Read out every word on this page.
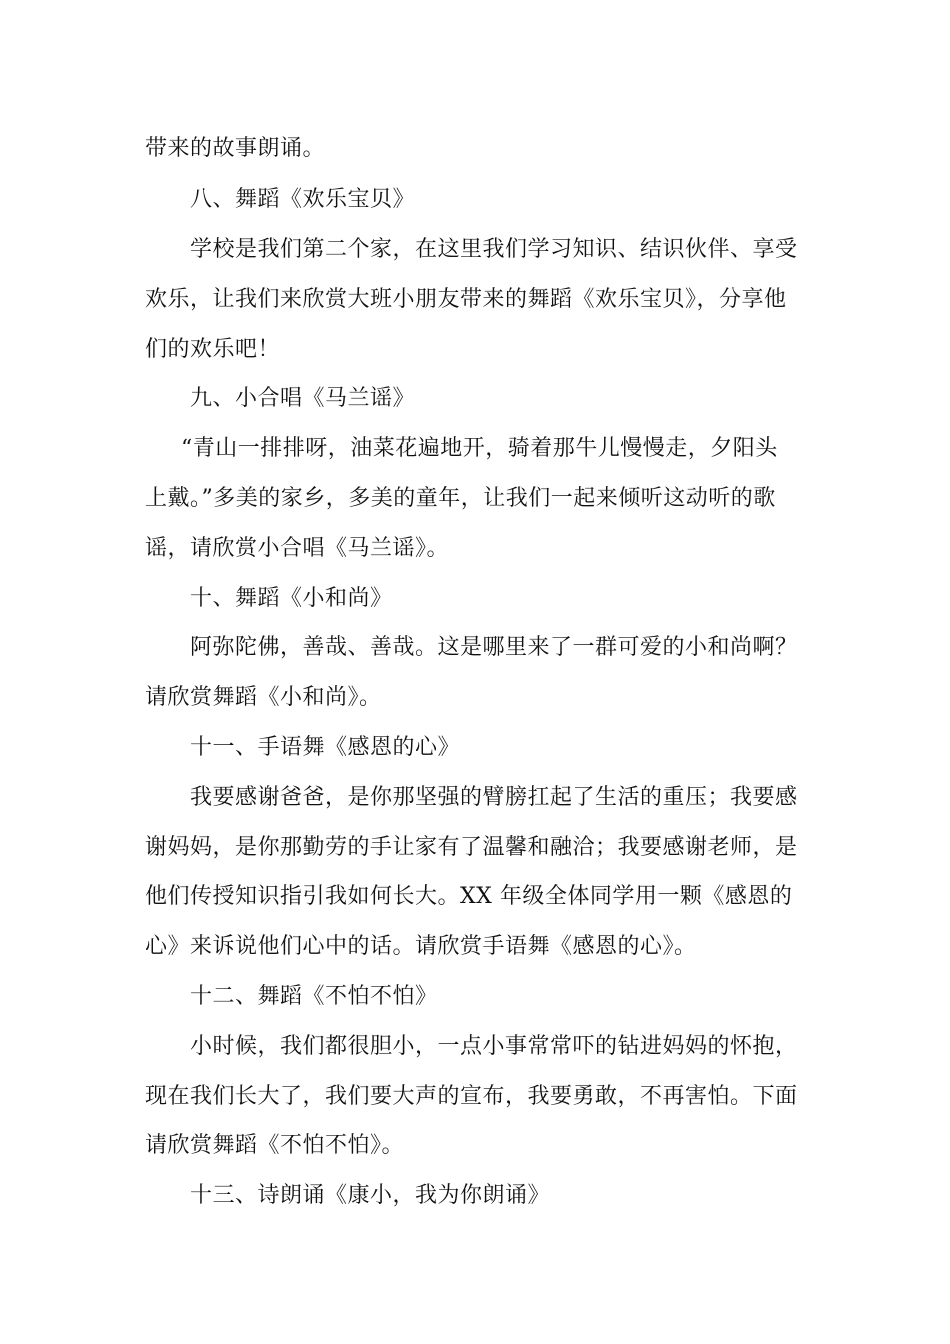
带来的故事朗诵。
八、舞蹈《欢乐宝贝》
学校是我们第二个家，在这里我们学习知识、结识伙伴、享受
欢乐，让我们来欣赏大班小朋友带来的舞蹈《欢乐宝贝》，分享他
们的欢乐吧！
九、小合唱《马兰谣》
“青山一排排呀，油菜花遍地开，骑着那牛儿慢慢走，夕阳头
上戴。”多美的家乡，多美的童年，让我们一起来倾听这动听的歌
谣，请欣赏小合唱《马兰谣》。
十、舞蹈《小和尚》
阿弥陀佛，善哉、善哉。这是哪里来了一群可爱的小和尚啊？
请欣赏舞蹈《小和尚》。
十一、手语舞《感恩的心》
我要感谢爸爸，是你那坚强的臂膀扛起了生活的重压；我要感
谢妈妈，是你那勤劳的手让家有了温馨和融洽；我要感谢老师，是
他们传授知识指引我如何长大。XX 年级全体同学用一颗《感恩的
心》来诉说他们心中的话。请欣赏手语舞《感恩的心》。
十二、舞蹈《不怕不怕》
小时候，我们都很胆小，一点小事常常吓的钻进妈妈的怀抱，
现在我们长大了，我们要大声的宣布，我要勇敢，不再害怕。下面
请欣赏舞蹈《不怕不怕》。
十三、诗朗诵《康小，我为你朗诵》
